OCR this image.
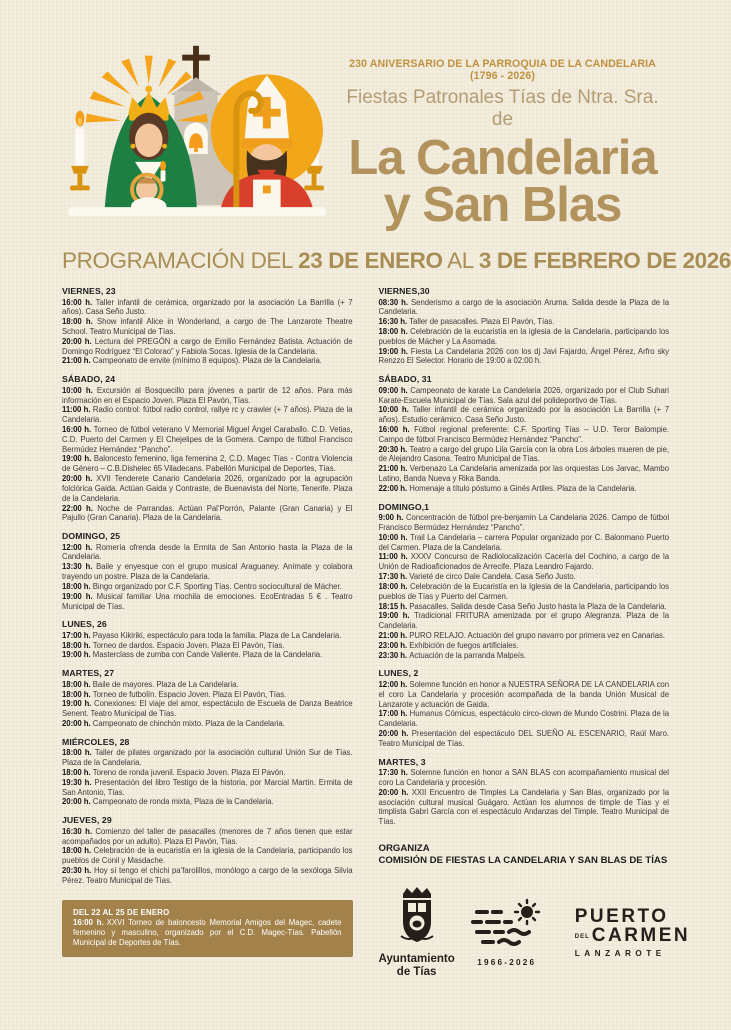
230 ANIVERSARIO DE LA PARROQUIA DE LA CANDELARIA (1796 - 2026)

Fiestas Patronales Tías de Ntra. Sra. de

La Candelaria
y San Blas
PROGRAMACIÓN DEL 23 DE ENERO AL 3 DE FEBRERO DE 2026
VIERNES, 23

16:00 h. Taller infantil de cerámica, organizado por la asociación La Barrilla (+ 7 años). Casa Seño Justo.

18:00 h. Show infantil Alice in Wonderland, a cargo de The Lanzarote Theatre School. Teatro Municipal de Tías.

20:00 h. Lectura del PREGÓN a cargo de Emilio Fernández Batista. Actuación de Domingo Rodríguez “El Colorao” y Fabiola Socas. Iglesia de la Candelaria.

21:00 h. Campeonato de envite (mínimo 8 equipos). Plaza de la Candelaria.

SÁBADO, 24

10:00 h. Excursión al Bosquecillo para jóvenes a partir de 12 años. Para más información en el Espacio Joven. Plaza El Pavón, Tías.

11:00 h. Radio control: fútbol radio control, rallye rc y crawler (+ 7 años). Plaza de la Candelaria.

16:00 h. Torneo de fútbol veterano V Memorial Miguel Ángel Caraballo. C.D. Vetias, C.D. Puerto del Carmen y El Chejelipes de la Gomera. Campo de fútbol Francisco Bermúdez Hernández “Pancho”.

19:00 h. Baloncesto femenino, liga femenina 2, C.D. Magec Tías - Contra Violencia de Género – C.B.Dishelec 65 Viladecans. Pabellón Municipal de Deportes, Tías.

20:00 h. XVII Tenderete Canario Candelaria 2026, organizado por la agrupación folclórica Gaida. Actúan Gaida y Contraste, de Buenavista del Norte, Tenerife. Plaza de la Candelaria.

22:00 h. Noche de Parrandas. Actúan Pal’Porrón, Palante (Gran Canaria) y El Pajullo (Gran Canaria). Plaza de la Candelaria.

DOMINGO, 25

12:00 h. Romería ofrenda desde la Ermita de San Antonio hasta la Plaza de la Candelaria.

13:30 h. Baile y enyesque con el grupo musical Araguaney. Anímate y colabora trayendo un postre. Plaza de la Candelaria.

18:00 h. Bingo organizado por C.F. Sporting Tías. Centro sociocultural de Mácher.

19:00 h. Musical familiar Una mochila de emociones. EcoEntradas 5 € . Teatro Municipal de Tías.

LUNES, 26

17:00 h. Payaso Kikiriki, espectáculo para toda la familia. Plaza de La Candelaria.

18:00 h. Torneo de dardos. Espacio Joven. Plaza El Pavón, Tías.

19:00 h. Masterclass de zumba con Cande Valiente. Plaza de la Candelaria.

MARTES, 27

18:00 h. Baile de mayores. Plaza de La Candelaria.

18:00 h. Torneo de futbolín. Espacio Joven. Plaza El Pavón, Tías.

19:00 h. Conexiones: El viaje del amor, espectáculo de Escuela de Danza Beatrice Senent. Teatro Municipal de Tías.

20:00 h. Campeonato de chinchón mixto. Plaza de la Candelaria.

MIÉRCOLES, 28

18:00 h. Taller de pilates organizado por la asociación cultural Unión Sur de Tías. Plaza de la Candelaria.

18:00 h. Toreno de ronda juvenil. Espacio Joven. Plaza El Pavón.

19:30 h. Presentación del libro Testigo de la historia, por Marcial Martín. Ermita de San Antonio, Tías.

20:00 h. Campeonato de ronda mixta, Plaza de la Candelaria.

JUEVES, 29

16:30 h. Comienzo del taller de pasacalles (menores de 7 años tienen que estar acompañados por un adulto). Plaza El Pavón, Tías.

18:00 h. Celebración de la eucaristía en la iglesia de la Candelaria, participando los pueblos de Conil y Masdache.

20:30 h. Hoy sí tengo el chichi pa’farolillos, monólogo a cargo de la sexóloga Silvia Pérez. Teatro Municipal de Tías.

DEL 22 AL 25 DE ENERO

16:00 h. XXVI Torneo de baloncesto Memorial Amigos del Magec, cadete femenino y masculino, organizado por el C.D. Magec-Tías. Pabellón Municipal de Deportes de Tías.

VIERNES,30

08:30 h. Senderismo a cargo de la asociación Aruma. Salida desde la Plaza de la Candelaria.

16:30 h. Taller de pasacalles. Plaza El Pavón, Tías.

18:00 h. Celebración de la eucaristía en la iglesia de la Candelaria, participando los pueblos de Mácher y La Asomada.

19:00 h. Fiesta La Candelaria 2026 con los dj Javi Fajardo, Ángel Pérez, Arfro sky Renzzo El Selector. Horario de 19:00 a 02:00 h.

SÁBADO, 31

09:00 h. Campeonato de karate La Candelaria 2026, organizado por el Club Suhari Karate-Escuela Municipal de Tías. Sala azul del polideportivo de Tías.

10:00 h. Taller infantil de cerámica organizado por la asociación La Barrilla (+ 7 años). Estudio cerámico. Casa Seño Justo.

16:00 h. Fútbol regional preferente: C.F. Sporting Tías – U.D. Teror Balompie. Campo de fútbol Francisco Bermúdez Hernández “Pancho”.

20:30 h. Teatro a cargo del grupo Lila García con la obra Los árboles mueren de pie, de Alejandro Casona. Teatro Municipal de Tías.

21:00 h. Verbenazo La Candelaria amenizada por las orquestas Los Jarvac, Mambo Latino, Banda Nueva y Rika Banda.

22:00 h. Homenaje a título póstumo a Ginés Artiles. Plaza de la Candelaria.

DOMINGO,1

9:00 h. Concentración de fútbol pre-benjamín La Candelaria 2026. Campo de fútbol Francisco Bermúdez Hernández “Pancho”.

10:00 h. Trail La Candelaria – carrera Popular organizado por C. Balonmano Puerto del Carmen. Plaza de la Candelaria.

11:00 h. XXXV Concurso de Radiolocalización Cacería del Cochino, a cargo de la Unión de Radioaficionados de Arrecife. Plaza Leandro Fajardo.

17:30 h. Varieté de circo Dale Candela. Casa Seño Justo.

18:00 h. Celebración de la Eucaristía en la Iglesia de la Candelaria, participando los pueblos de Tías y Puerto del Carmen.

18:15 h. Pasacalles. Salida desde Casa Seño Justo hasta la Plaza de la Candelaria.

19:00 h. Tradicional FRITURA amenizada por el grupo Alegranza. Plaza de la Candelaria.

21:00 h. PURO RELAJO. Actuación del grupo navarro por primera vez en Canarias.

23:00 h. Exhibición de fuegos artificiales.

23:30 h. Actuación de la parranda Malpeís.

LUNES, 2

12:00 h. Solemne función en honor a NUESTRA SEÑORA DE LA CANDELARIA con el coro La Candelaria y procesión acompañada de la banda Unión Musical de Lanzarote y actuación de Gaida.

17:00 h. Humanus Cómicus, espectáculo circo-clown de Mundo Costrini. Plaza de la Candelaria.

20:00 h. Presentación del espectáculo DEL SUEÑO AL ESCENARIO, Raúl Maro. Teatro Municipal de Tías.

MARTES, 3

17:30 h. Solemne función en honor a SAN BLAS con acompañamiento musical del coro La Candelaria y procesión.

20:00 h. XXII Encuentro de Timples La Candelaria y San Blas, organizado por la asociación cultural musical Guágaro. Actúan los alumnos de timple de Tías y el timplista Gabri García con el espectáculo Andanzas del Timple. Teatro Municipal de Tías.

ORGANIZA

COMISIÓN DE FIESTAS LA CANDELARIA Y SAN BLAS DE TÍAS

Ayuntamiento
de Tías
1966-2026
PUERTO
DEL CARMEN
LANZAROTE
